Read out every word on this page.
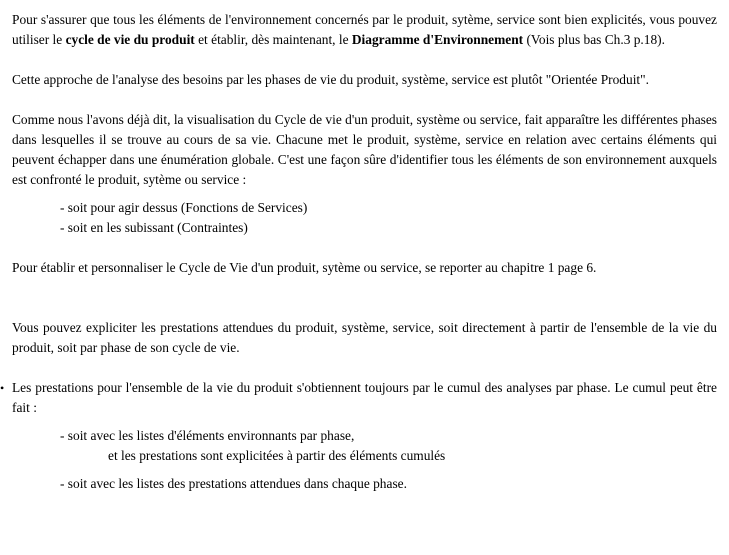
Pour s'assurer que tous les éléments de l'environnement concernés par le produit, sytème, service sont bien explicités, vous pouvez utiliser le cycle de vie du produit et établir, dès maintenant, le Diagramme d'Environnement (Vois plus bas Ch.3 p.18).

Cette approche de l'analyse des besoins par les phases de vie du produit, système, service est plutôt "Orientée Produit".

Comme nous l'avons déjà dit, la visualisation du Cycle de vie d'un produit, système ou service, fait apparaître les différentes phases dans lesquelles il se trouve au cours de sa vie. Chacune met le produit, système, service en relation avec certains éléments qui peuvent échapper dans une énumération globale. C'est une façon sûre d'identifier tous les éléments de son environnement auxquels est confronté le produit, sytème ou service :

- soit pour agir dessus (Fonctions de Services)
- soit en les subissant (Contraintes)

Pour établir et personnaliser le Cycle de Vie d'un produit, sytème ou service, se reporter au chapitre 1 page 6.

Vous pouvez expliciter les prestations attendues du produit, système, service, soit directement à partir de l'ensemble de la vie du produit, soit par phase de son cycle de vie.

• Les prestations pour l'ensemble de la vie du produit s'obtiennent toujours par le cumul des analyses par phase. Le cumul peut être fait :

- soit avec les listes d'éléments environnants par phase,
et les prestations sont explicitées à partir des éléments cumulés
- soit avec les listes des prestations attendues dans chaque phase.
